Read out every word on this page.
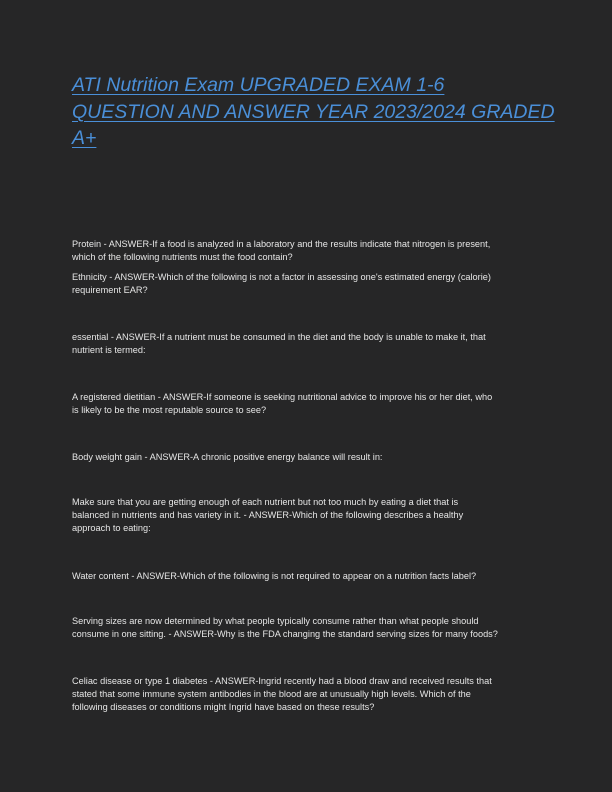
ATI Nutrition Exam UPGRADED EXAM 1-6
QUESTION AND ANSWER YEAR 2023/2024 GRADED
A+

Protein - ANSWER-If a food is analyzed in a laboratory and the results indicate that nitrogen is present,
which of the following nutrients must the food contain?

Ethnicity - ANSWER-Which of the following is not a factor in assessing one's estimated energy (calorie)
requirement EAR?

essential - ANSWER-If a nutrient must be consumed in the diet and the body is unable to make it, that
nutrient is termed:

A registered dietitian - ANSWER-If someone is seeking nutritional advice to improve his or her diet, who
is likely to be the most reputable source to see?

Body weight gain - ANSWER-A chronic positive energy balance will result in:

Make sure that you are getting enough of each nutrient but not too much by eating a diet that is
balanced in nutrients and has variety in it. - ANSWER-Which of the following describes a healthy
approach to eating:

Water content - ANSWER-Which of the following is not required to appear on a nutrition facts label?

Serving sizes are now determined by what people typically consume rather than what people should
consume in one sitting. - ANSWER-Why is the FDA changing the standard serving sizes for many foods?

Celiac disease or type 1 diabetes - ANSWER-Ingrid recently had a blood draw and received results that
stated that some immune system antibodies in the blood are at unusually high levels. Which of the
following diseases or conditions might Ingrid have based on these results?
